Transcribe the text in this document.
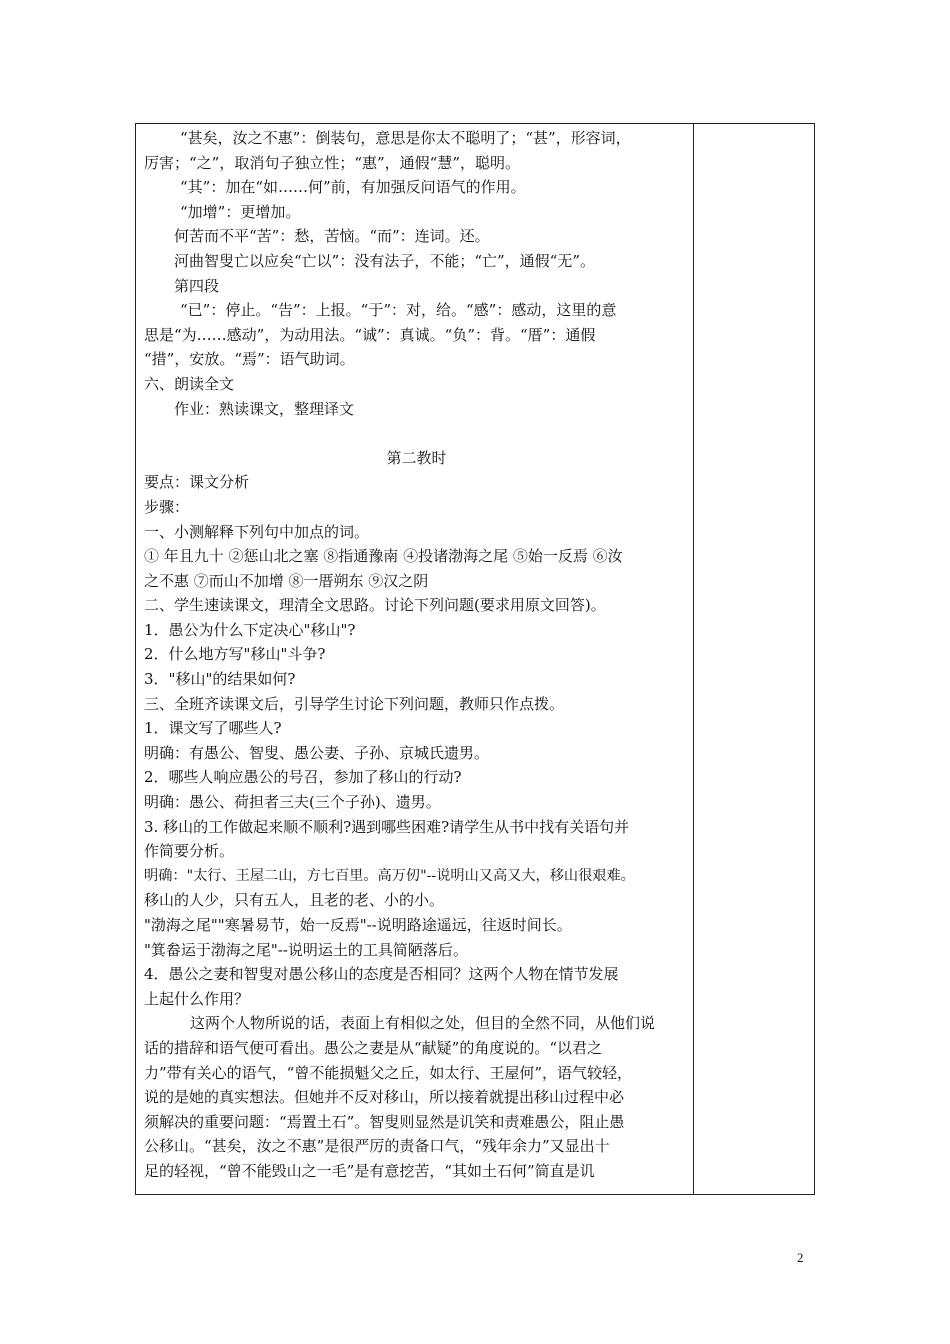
“甚矣，汝之不惠”：倒装句，意思是你太不聪明了；“甚”，形容词，
厉害；“之”，取消句子独立性；“惠”，通假“慧”，聪明。
“其”：加在“如……何”前，有加强反问语气的作用。
“加增”：更增加。
何苦而不平“苦”：愁，苦恼。“而”：连词。还。
河曲智叟亡以应矣“亡以”：没有法子，不能；“亡”，通假“无”。
第四段
“已”：停止。“告”：上报。“于”：对，给。“感”：感动，这里的意
思是“为……感动”，为动用法。“诚”：真诚。“负”：背。“厝”：通假
“措”，安放。“焉”：语气助词。
六、朗读全文
作业：熟读课文，整理译文
第二教时
要点：课文分析
步骤：
一、小测解释下列句中加点的词。
① 年且九十 ②惩山北之塞 ⑧指通豫南 ④投诸渤海之尾 ⑤始一反焉 ⑥汝
之不惠 ⑦而山不加增 ⑧一厝朔东 ⑨汉之阴
二、学生速读课文，理清全文思路。讨论下列问题(要求用原文回答)。
1．愚公为什么下定决心"移山"?
2．什么地方写"移山"斗争?
3．"移山"的结果如何?
三、全班齐读课文后，引导学生讨论下列问题，教师只作点拨。
1．课文写了哪些人?
明确：有愚公、智叟、愚公妻、子孙、京城氏遗男。
2．哪些人响应愚公的号召，参加了移山的行动?
明确：愚公、荷担者三夫(三个子孙)、遗男。
3. 移山的工作做起来顺不顺利?遇到哪些困难?请学生从书中找有关语句并
作简要分析。
明确："太行、王屋二山，方七百里。高万仞"--说明山又高又大，移山很艰难。
移山的人少，只有五人，且老的老、小的小。
"渤海之尾""寒暑易节，始一反焉"--说明路途遥远，往返时间长。
"箕畚运于渤海之尾"--说明运土的工具简陋落后。
4．愚公之妻和智叟对愚公移山的态度是否相同？这两个人物在情节发展
上起什么作用？
这两个人物所说的话，表面上有相似之处，但目的全然不同，从他们说
话的措辞和语气便可看出。愚公之妻是从“献疑”的角度说的。“以君之
力”带有关心的语气，“曾不能损魁父之丘，如太行、王屋何”，语气较轻，
说的是她的真实想法。但她并不反对移山，所以接着就提出移山过程中必
须解决的重要问题：“焉置土石”。智叟则显然是讥笑和责难愚公，阻止愚
公移山。“甚矣，汝之不惠”是很严厉的责备口气，“残年余力”又显出十
足的轻视，“曾不能毁山之一毛”是有意挖苦，“其如土石何”简直是讥
2
